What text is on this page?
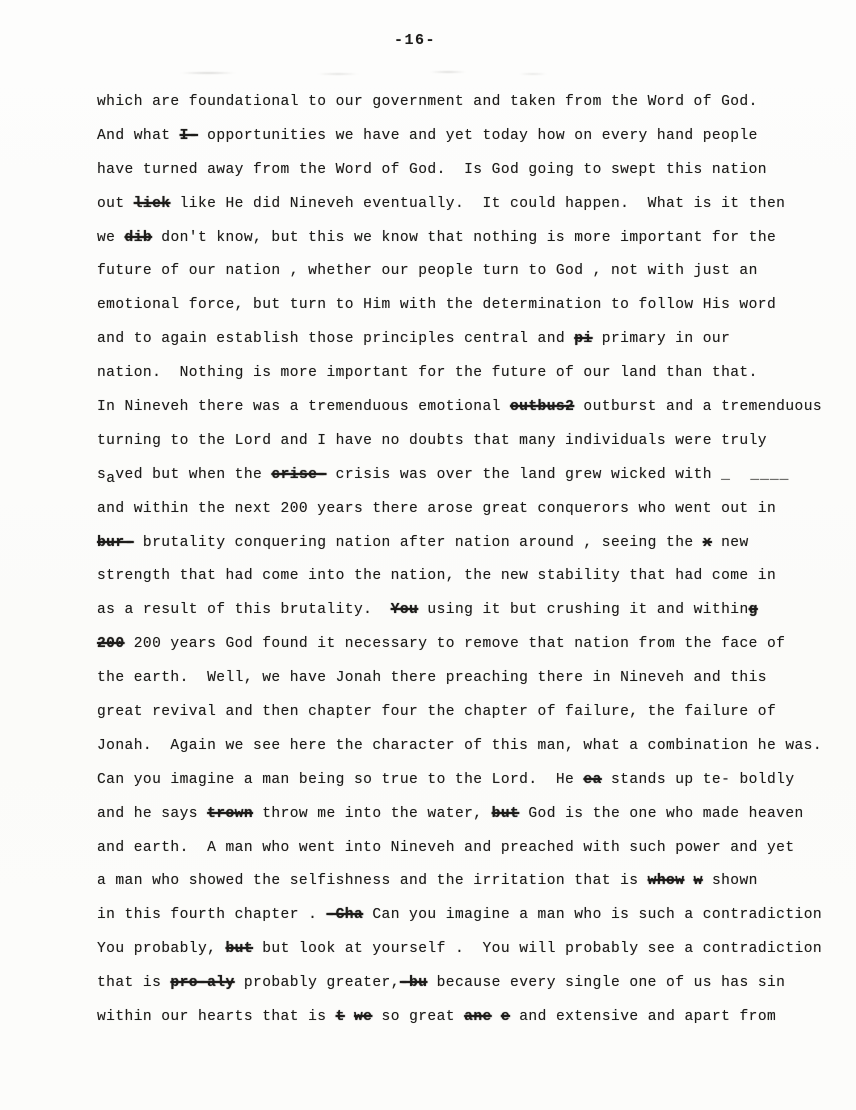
-16-
which are foundational to our government and taken from the Word of God.
And what I- opportunities we have and yet today how on every hand people
have turned away from the Word of God.  Is God going to swept this nation
out liek like He did Nineveh eventually.  It could happen.  What is it then
we dib don't know, but this we know that nothing is more important for the
future of our nation , whether our people turn to God , not with just an
emotional force, but turn to Him with the determination to follow His word
and to again establish those principles central and pi primary in our
nation.  Nothing is more important for the future of our land than that.
In Nineveh there was a tremenduous emotional outbus2 outburst and a tremenduous
turning to the Lord and I have no doubts that many individuals were truly
saved but when the crise- crisis was over the land grew wicked with _  ____
and within the next 200 years there arose great conquerors who went out in
bur- brutality conquering nation after nation around , seeing the x new
strength that had come into the nation, the new stability that had come in
as a result of this brutality.  You using it but crushing it and withing
200 200 years God found it necessary to remove that nation from the face of
the earth.  Well, we have Jonah there preaching there in Nineveh and this
great revival and then chapter four the chapter of failure, the failure of
Jonah.  Again we see here the character of this man, what a combination he was.
Can you imagine a man being so true to the Lord.  He ea stands up te- boldly
and he says trown throw me into the water, but God is the one who made heaven
and earth.  A man who went into Nineveh and preached with such power and yet
a man who showed the selfishness and the irritation that is whow w shown
in this fourth chapter . -Cha Can you imagine a man who is such a contradiction
You probably, but but look at yourself .  You will probably see a contradiction
that is pro-aly probably greater,-bu because every single one of us has sin
within our hearts that is t we so great ane e and extensive and apart from
